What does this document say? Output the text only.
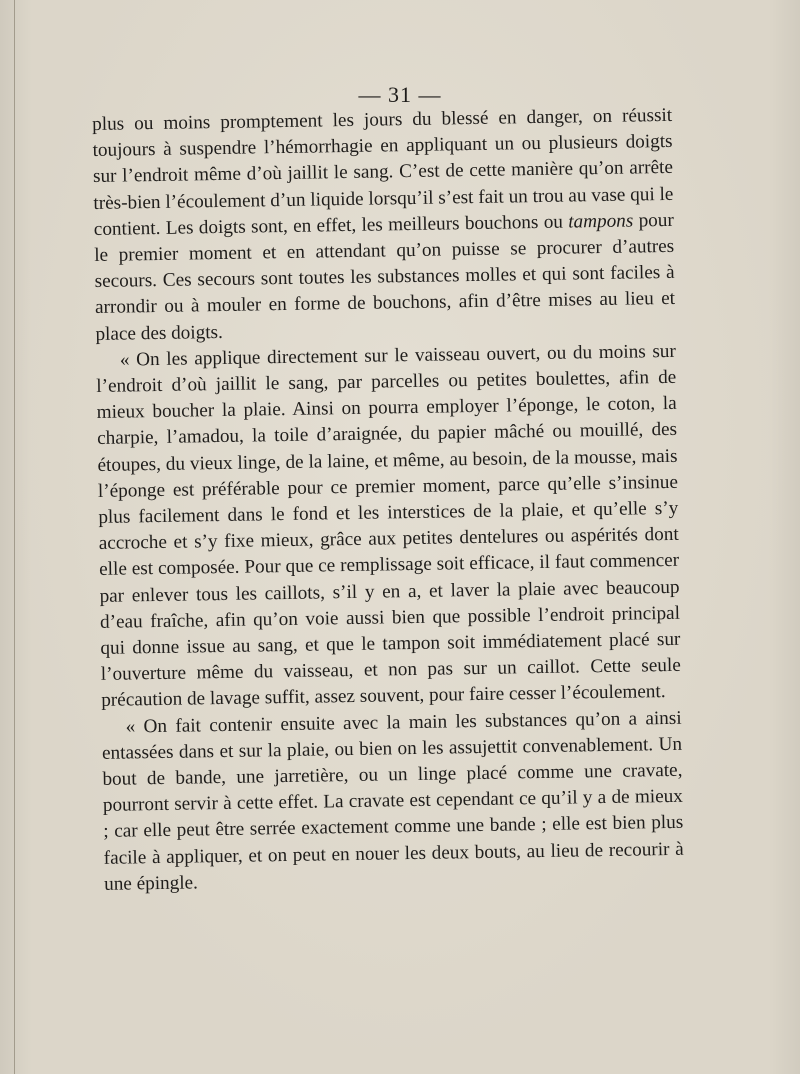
— 31 —

plus ou moins promptement les jours du blessé en danger, on réussit toujours à suspendre l’hémorrhagie en appliquant un ou plusieurs doigts sur l’endroit même d’où jaillit le sang. C’est de cette manière qu’on arrête très-bien l’écoulement d’un liquide lorsqu’il s’est fait un trou au vase qui le contient. Les doigts sont, en effet, les meilleurs bouchons ou tampons pour le premier moment et en attendant qu’on puisse se procurer d’autres secours. Ces secours sont toutes les substances molles et qui sont faciles à arrondir ou à mouler en forme de bouchons, afin d’être mises au lieu et place des doigts.

« On les applique directement sur le vaisseau ouvert, ou du moins sur l’endroit d’où jaillit le sang, par parcelles ou petites boulettes, afin de mieux boucher la plaie. Ainsi on pourra employer l’éponge, le coton, la charpie, l’amadou, la toile d’araignée, du papier mâché ou mouillé, des étoupes, du vieux linge, de la laine, et même, au besoin, de la mousse, mais l’éponge est préférable pour ce premier moment, parce qu’elle s’insinue plus facilement dans le fond et les interstices de la plaie, et qu’elle s’y accroche et s’y fixe mieux, grâce aux petites dentelures ou aspérités dont elle est composée. Pour que ce remplissage soit efficace, il faut commencer par enlever tous les caillots, s’il y en a, et laver la plaie avec beaucoup d’eau fraîche, afin qu’on voie aussi bien que possible l’endroit principal qui donne issue au sang, et que le tampon soit immédiatement placé sur l’ouverture même du vaisseau, et non pas sur un caillot. Cette seule précaution de lavage suffit, assez souvent, pour faire cesser l’écoulement.

« On fait contenir ensuite avec la main les substances qu’on a ainsi entassées dans et sur la plaie, ou bien on les assujettit convenablement. Un bout de bande, une jarretière, ou un linge placé comme une cravate, pourront servir à cette effet. La cravate est cependant ce qu’il y a de mieux ; car elle peut être serrée exactement comme une bande ; elle est bien plus facile à appliquer, et on peut en nouer les deux bouts, au lieu de recourir à une épingle.
